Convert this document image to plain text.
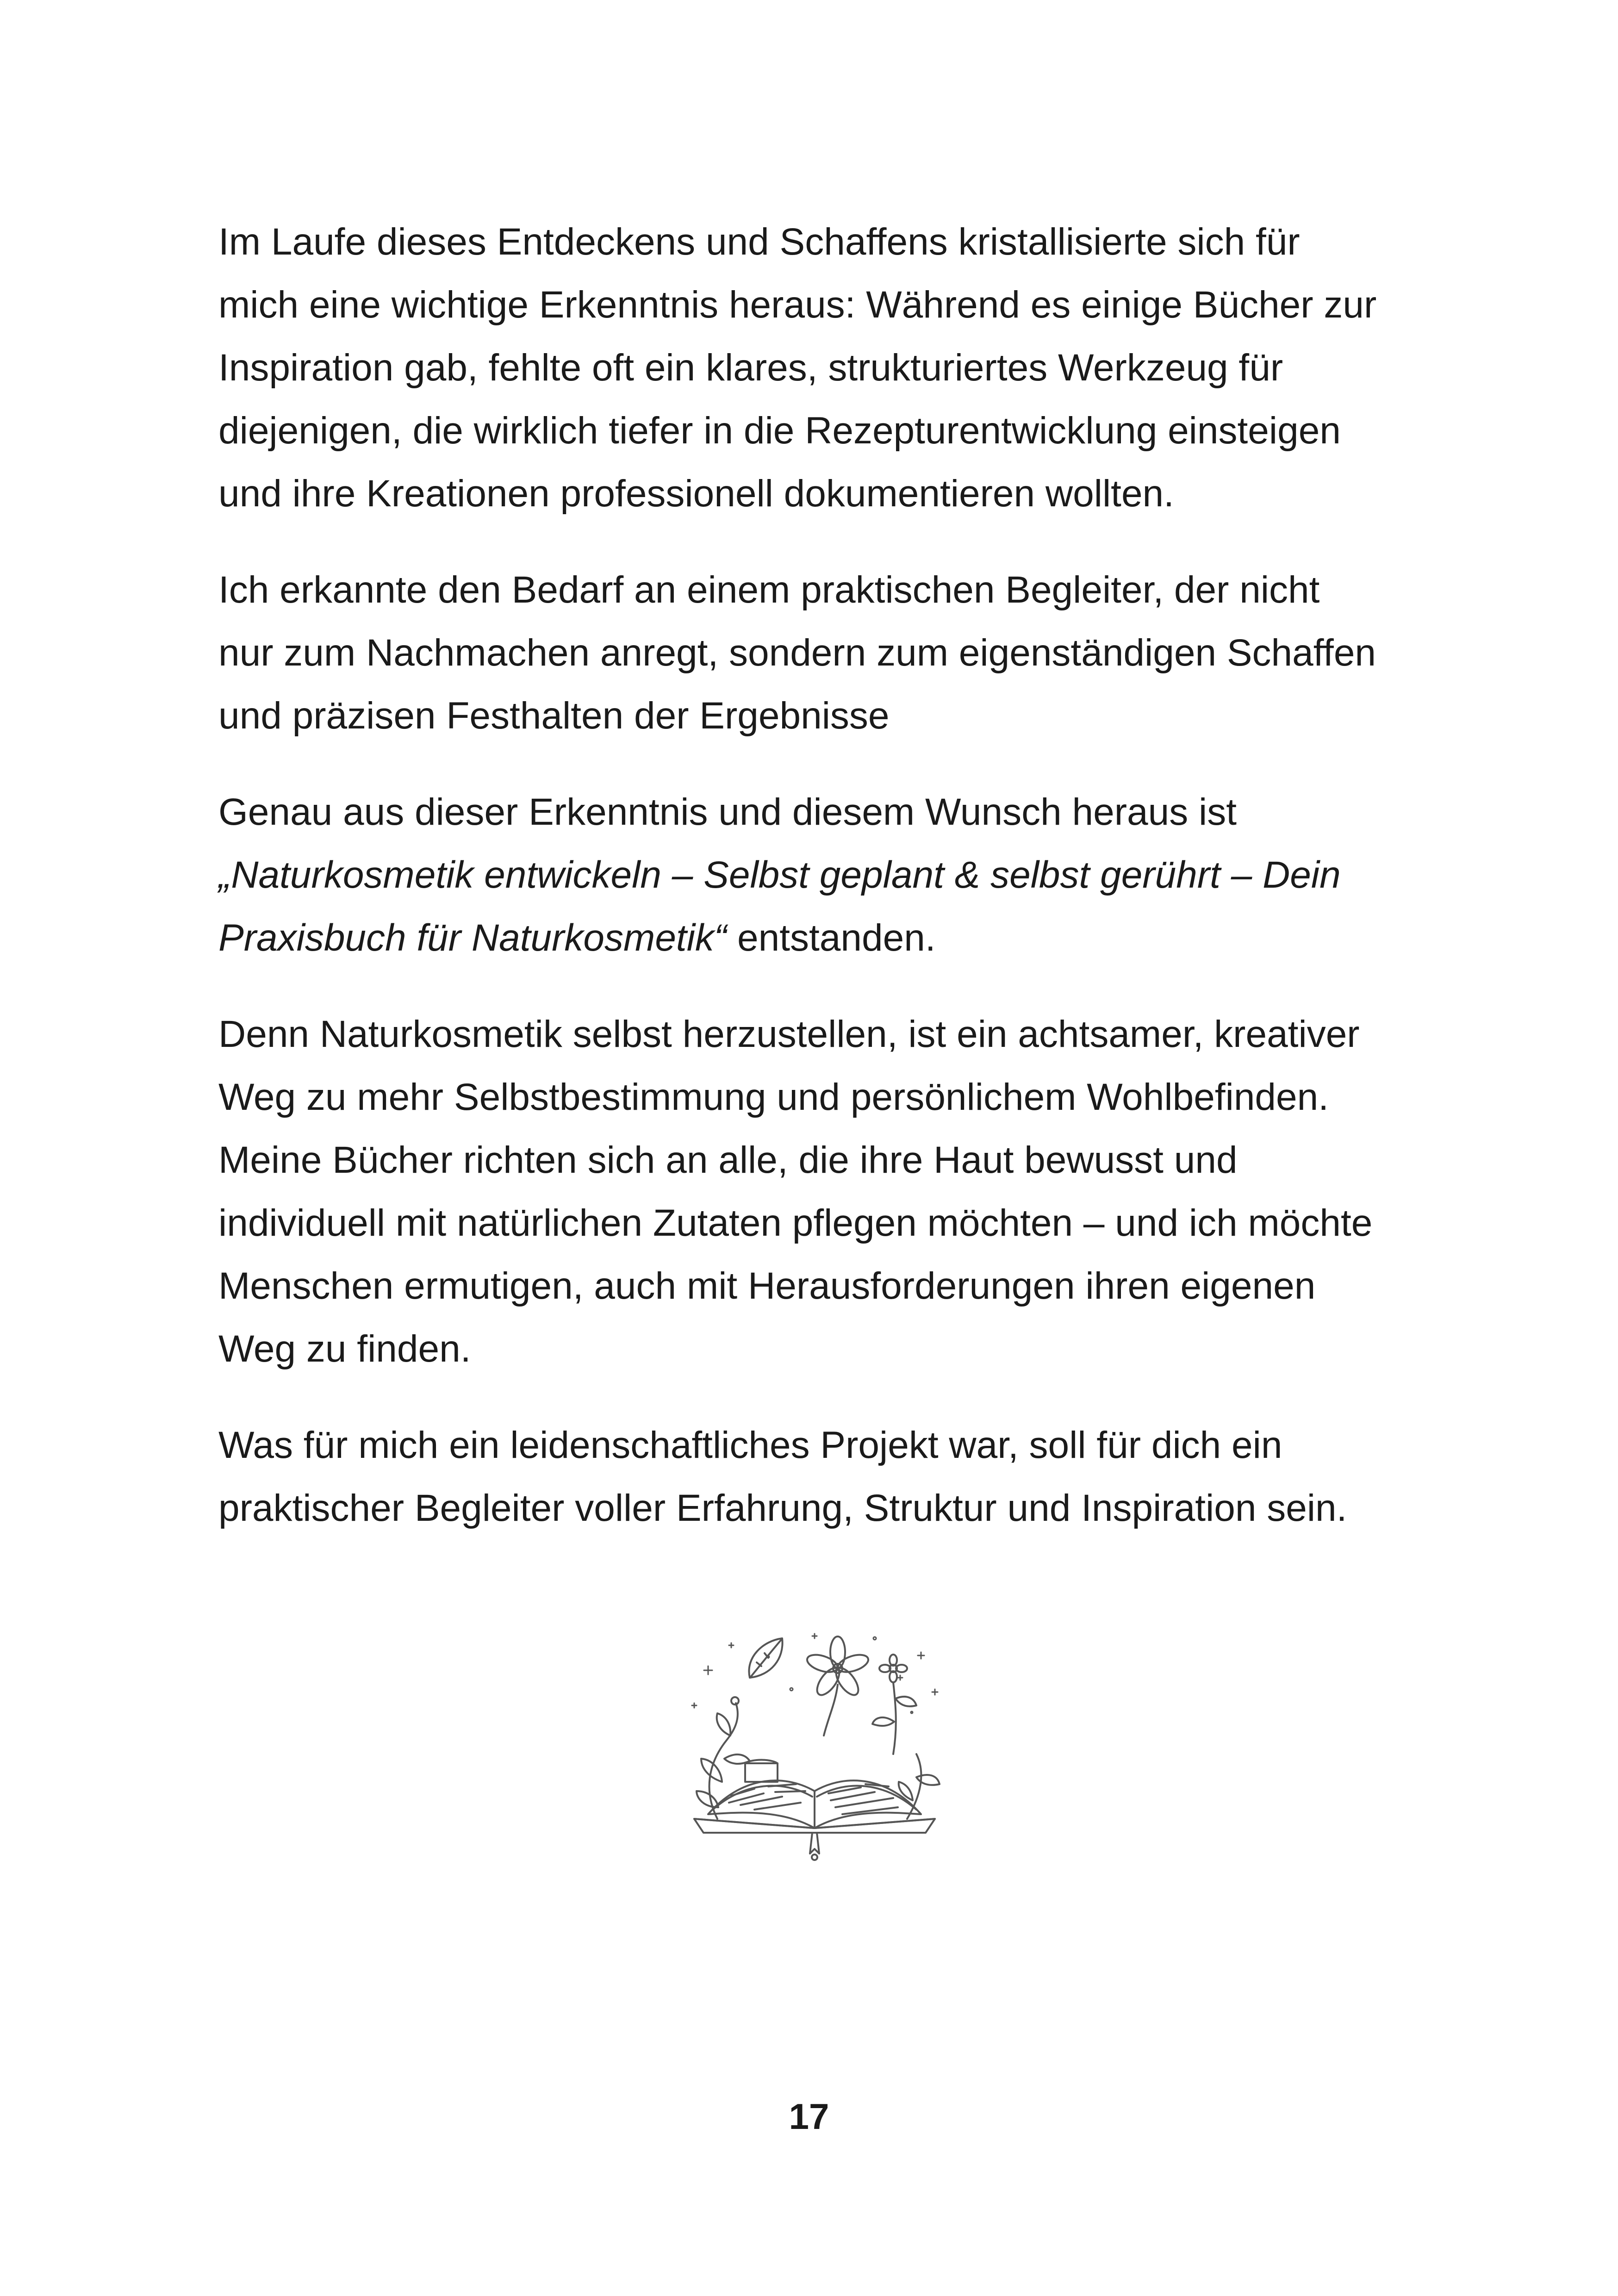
Im Laufe dieses Entdeckens und Schaffens kristallisierte sich für
mich eine wichtige Erkenntnis heraus: Während es einige Bücher zur
Inspiration gab, fehlte oft ein klares, strukturiertes Werkzeug für
diejenigen, die wirklich tiefer in die Rezepturentwicklung einsteigen
und ihre Kreationen professionell dokumentieren wollten.

Ich erkannte den Bedarf an einem praktischen Begleiter, der nicht
nur zum Nachmachen anregt, sondern zum eigenständigen Schaffen
und präzisen Festhalten der Ergebnisse

Genau aus dieser Erkenntnis und diesem Wunsch heraus ist
„Naturkosmetik entwickeln – Selbst geplant & selbst gerührt – Dein
Praxisbuch für Naturkosmetik“ entstanden.

Denn Naturkosmetik selbst herzustellen, ist ein achtsamer, kreativer
Weg zu mehr Selbstbestimmung und persönlichem Wohlbefinden.
Meine Bücher richten sich an alle, die ihre Haut bewusst und
individuell mit natürlichen Zutaten pflegen möchten – und ich möchte
Menschen ermutigen, auch mit Herausforderungen ihren eigenen
Weg zu finden.

Was für mich ein leidenschaftliches Projekt war, soll für dich ein
praktischer Begleiter voller Erfahrung, Struktur und Inspiration sein.

17
